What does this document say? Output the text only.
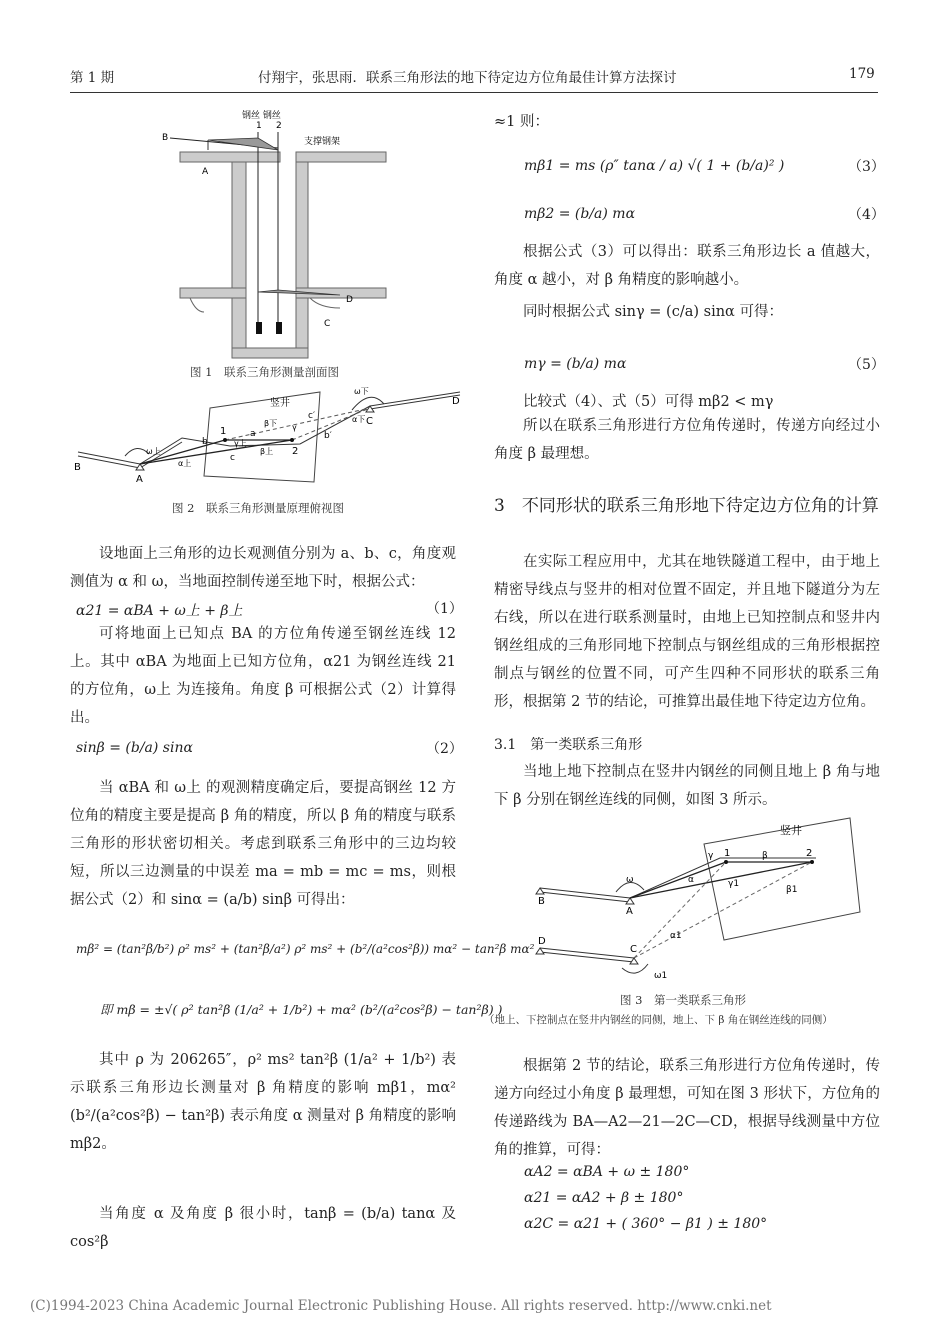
第 1 期	付翔宇，张思雨．联系三角形法的地下待定边方位角最佳计算方法探讨	179
钢丝 钢丝
1 2
支撑钢架
B
A
D
C
图 1　联系三角形测量剖面图
A
B
C
D
竖井
1
2
a
b
c
b′
c′
ω上
α上
β上
β下
γ上
γ
α下
ω下
图 2　联系三角形测量原理俯视图
设地面上三角形的边长观测值分别为 a、b、c，角度观测值为 α 和 ω，当地面控制传递至地下时，根据公式：
α21 = αBA + ω上 + β上	（1）
可将地面上已知点 BA 的方位角传递至钢丝连线 12 上。其中 αBA 为地面上已知方位角，α21 为钢丝连线 21 的方位角，ω上 为连接角。角度 β 可根据公式（2）计算得出。
sinβ = (b/a) sinα	（2）
当 αBA 和 ω上 的观测精度确定后，要提高钢丝 12 方位角的精度主要是提高 β 角的精度，所以 β 角的精度与联系三角形的形状密切相关。考虑到联系三角形中的三边均较短，所以三边测量的中误差 ma = mb = mc = ms，则根据公式（2）和 sinα = (a/b) sinβ 可得出：
mβ² = (tan²β/b²) ρ² ms² + (tan²β/a²) ρ² ms² + (b²/(a²cos²β)) mα² − tan²β mα²
即 mβ = ±√( ρ² tan²β (1/a² + 1/b²) + mα² (b²/(a²cos²β) − tan²β) )
其中 ρ 为 206265″，ρ² ms² tan²β (1/a² + 1/b²) 表示联系三角形边长测量对 β 角精度的影响 mβ1，mα² (b²/(a²cos²β) − tan²β) 表示角度 α 测量对 β 角精度的影响 mβ2。
当角度 α 及角度 β 很小时，tanβ = (b/a) tanα 及 cos²β
≈1 则：
mβ1 = ms (ρ″ tanα / a) √( 1 + (b/a)² )	（3）
mβ2 = (b/a) mα	（4）
根据公式（3）可以得出：联系三角形边长 a 值越大，角度 α 越小，对 β 角精度的影响越小。
同时根据公式 sinγ = (c/a) sinα 可得：
mγ = (b/a) mα	（5）
比较式（4）、式（5）可得 mβ2 < mγ
所以在联系三角形进行方位角传递时，传递方向经过小角度 β 最理想。
3　不同形状的联系三角形地下待定边方位角的计算
在实际工程应用中，尤其在地铁隧道工程中，由于地上精密导线点与竖井的相对位置不固定，并且地下隧道分为左右线，所以在进行联系测量时，由地上已知控制点和竖井内钢丝组成的三角形同地下控制点与钢丝组成的三角形根据控制点与钢丝的位置不同，可产生四种不同形状的联系三角形，根据第 2 节的结论，可推算出最佳地下待定边方位角。
3.1　第一类联系三角形
当地上地下控制点在竖井内钢丝的同侧且地上 β 角与地下 β 分别在钢丝连线的同侧，如图 3 所示。
A
B
C
D
竖井
1	2
ω	α
γ	β
γ1
β1
α1
ω1
图 3　第一类联系三角形
（地上、下控制点在竖井内钢丝的同侧，地上、下 β 角在钢丝连线的同侧）
根据第 2 节的结论，联系三角形进行方位角传递时，传递方向经过小角度 β 最理想，可知在图 3 形状下，方位角的传递路线为 BA—A2—21—2C—CD，根据导线测量中方位角的推算，可得：
αA2 = αBA + ω ± 180°
α21 = αA2 + β ± 180°
α2C = α21 + ( 360° − β1 ) ± 180°
(C)1994-2023 China Academic Journal Electronic Publishing House. All rights reserved. http://www.cnki.net
